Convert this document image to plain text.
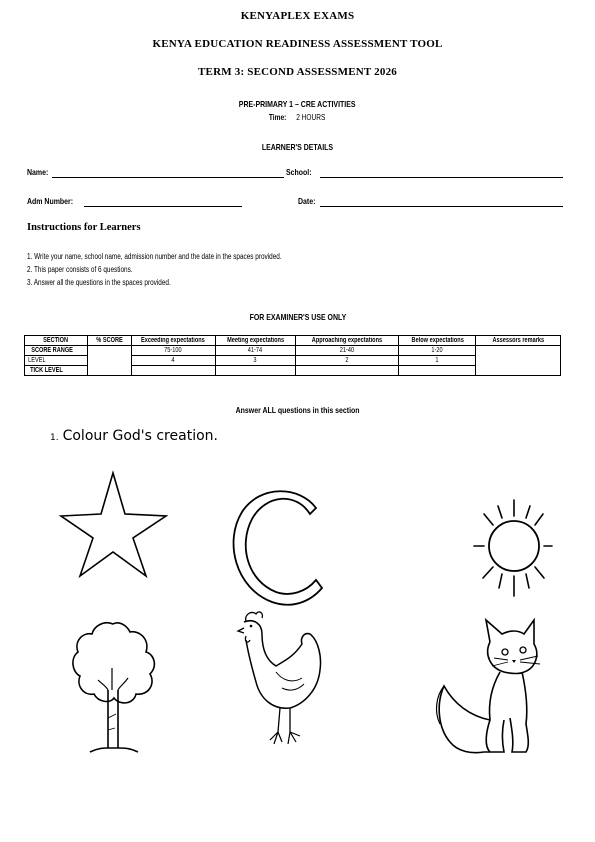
KENYAPLEX EXAMS
KENYA EDUCATION READINESS ASSESSMENT TOOL
TERM 3: SECOND ASSESSMENT 2026
PRE-PRIMARY 1 – CRE ACTIVITIES
Time: 2 HOURS
LEARNER'S DETAILS
Name:	School:
Adm Number:	Date:
Instructions for Learners
1. Write your name, school name, admission number and the date in the spaces provided.
2. This paper consists of 6 questions.
3. Answer all the questions in the spaces provided.
FOR EXAMINER'S USE ONLY
SECTION	% SCORE	Exceeding expectations	Meeting expectations	Approaching expectations	Below expectations	Assessors remarks
SCORE RANGE		75-100	41-74	21-40	1-20	
LEVEL		4	3	2	1	
TICK LEVEL						
Answer ALL questions in this section
1. Colour God's creation.
